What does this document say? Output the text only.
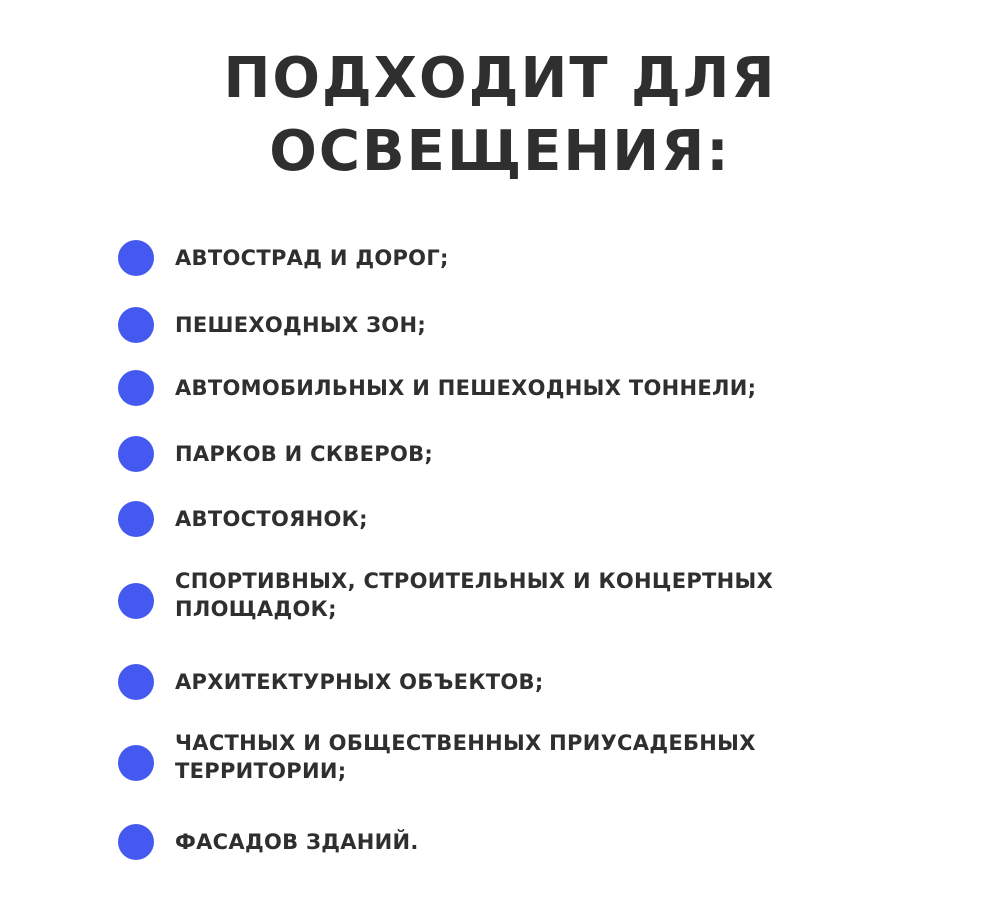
ПОДХОДИТ ДЛЯ
ОСВЕЩЕНИЯ:
АВТОСТРАД И ДОРОГ;
ПЕШЕХОДНЫХ ЗОН;
АВТОМОБИЛЬНЫХ И ПЕШЕХОДНЫХ ТОННЕЛИ;
ПАРКОВ И СКВЕРОВ;
АВТОСТОЯНОК;
СПОРТИВНЫХ, СТРОИТЕЛЬНЫХ И КОНЦЕРТНЫХ
ПЛОЩАДОК;
АРХИТЕКТУРНЫХ ОБЪЕКТОВ;
ЧАСТНЫХ И ОБЩЕСТВЕННЫХ ПРИУСАДЕБНЫХ
ТЕРРИТОРИИ;
ФАСАДОВ ЗДАНИЙ.
